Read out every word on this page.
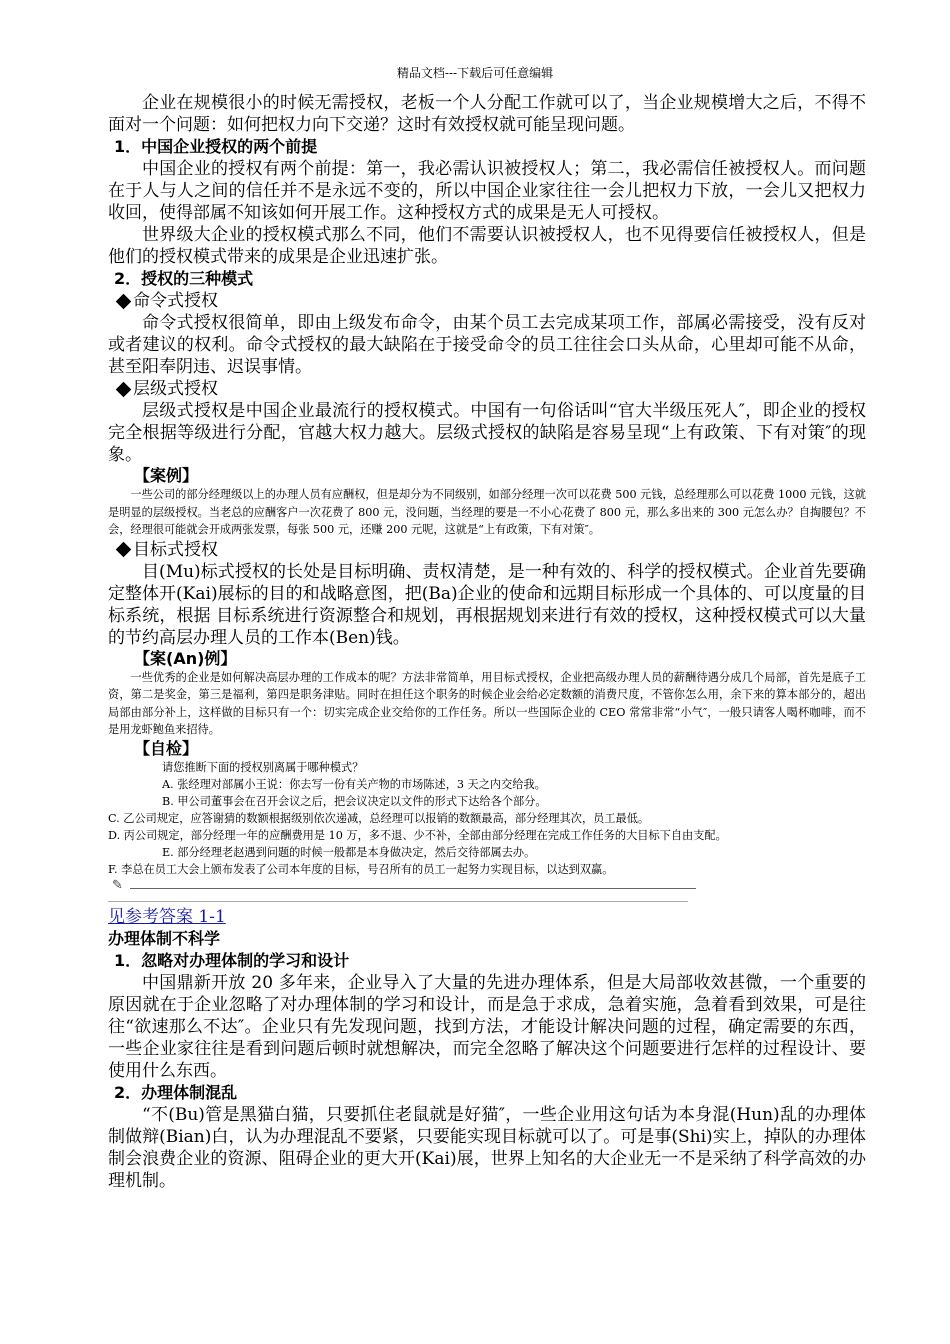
精品文档---下载后可任意编辑

企业在规模很小的时候无需授权，老板一个人分配工作就可以了，当企业规模增大之后，不得不面对一个问题：如何把权力向下交递？这时有效授权就可能呈现问题。

1．中国企业授权的两个前提

中国企业的授权有两个前提：第一，我必需认识被授权人；第二，我必需信任被授权人。而问题在于人与人之间的信任并不是永远不变的，所以中国企业家往往一会儿把权力下放，一会儿又把权力收回，使得部属不知该如何开展工作。这种授权方式的成果是无人可授权。

世界级大企业的授权模式那么不同，他们不需要认识被授权人，也不见得要信任被授权人，但是他们的授权模式带来的成果是企业迅速扩张。

2．授权的三种模式

命令式授权

命令式授权很简单，即由上级发布命令，由某个员工去完成某项工作，部属必需接受，没有反对或者建议的权利。命令式授权的最大缺陷在于接受命令的员工往往会口头从命，心里却可能不从命，甚至阳奉阴违、迟误事情。

层级式授权

层级式授权是中国企业最流行的授权模式。中国有一句俗话叫“官大半级压死人″，即企业的授权完全根据等级进行分配，官越大权力越大。层级式授权的缺陷是容易呈现“上有政策、下有对策″的现象。

【案例】

一些公司的部分经理级以上的办理人员有应酬权，但是却分为不同级别，如部分经理一次可以花费 500 元钱，总经理那么可以花费 1000 元钱，这就是明显的层级授权。当老总的应酬客户一次花费了 800 元，没问题，当经理的要是一不小心花费了 800 元，那么多出来的 300 元怎么办？自掏腰包？不会，经理很可能就会开成两张发票，每张 500 元，还赚 200 元呢，这就是“上有政策，下有对策″。

目标式授权

目(Mu)标式授权的长处是目标明确、责权清楚，是一种有效的、科学的授权模式。企业首先要确定整体开(Kai)展标的目的和战略意图，把(Ba)企业的使命和远期目标形成一个具体的、可以度量的目标系统，根据 目标系统进行资源整合和规划，再根据规划来进行有效的授权，这种授权模式可以大量的节约高层办理人员的工作本(Ben)钱。

【案(An)例】

一些优秀的企业是如何解决高层办理的工作成本的呢？方法非常简单，用目标式授权，企业把高级办理人员的薪酬待遇分成几个局部，首先是底子工资，第二是奖金，第三是福利，第四是职务津贴。同时在担任这个职务的时候企业会给必定数额的消费尺度，不管你怎么用，余下来的算本部分的，超出局部由部分补上，这样做的目标只有一个：切实完成企业交给你的工作任务。所以一些国际企业的 CEO 常常非常“小气″，一般只请客人喝杯咖啡，而不是用龙虾鲍鱼来招待。

【自检】

请您推断下面的授权别离属于哪种模式？

A. 张经理对部属小王说：你去写一份有关产物的市场陈述，3 天之内交给我。

B. 甲公司董事会在召开会议之后，把会议决定以文件的形式下达给各个部分。

C. 乙公司规定，应答谢猜的数额根据级别依次递减，总经理可以报销的数额最高，部分经理其次，员工最低。

D. 丙公司规定，部分经理一年的应酬费用是 10 万，多不退、少不补，全部由部分经理在完成工作任务的大目标下自由支配。

E. 部分经理老赵遇到问题的时候一般都是本身做决定，然后交待部属去办。

F. 李总在员工大会上颁布发表了公司本年度的目标，号召所有的员工一起努力实现目标，以达到双赢。

✎

见参考答案 1-1

办理体制不科学

1．忽略对办理体制的学习和设计

中国鼎新开放 20 多年来，企业导入了大量的先进办理体系，但是大局部收效甚微，一个重要的原因就在于企业忽略了对办理体制的学习和设计，而是急于求成，急着实施，急着看到效果，可是往往“欲速那么不达″。企业只有先发现问题，找到方法，才能设计解决问题的过程，确定需要的东西，一些企业家往往是看到问题后顿时就想解决，而完全忽略了解决这个问题要进行怎样的过程设计、要使用什么东西。

2．办理体制混乱

“不(Bu)管是黑猫白猫，只要抓住老鼠就是好猫″，一些企业用这句话为本身混(Hun)乱的办理体制做辩(Bian)白，认为办理混乱不要紧，只要能实现目标就可以了。可是事(Shi)实上，掉队的办理体制会浪费企业的资源、阻碍企业的更大开(Kai)展，世界上知名的大企业无一不是采纳了科学高效的办理机制。
